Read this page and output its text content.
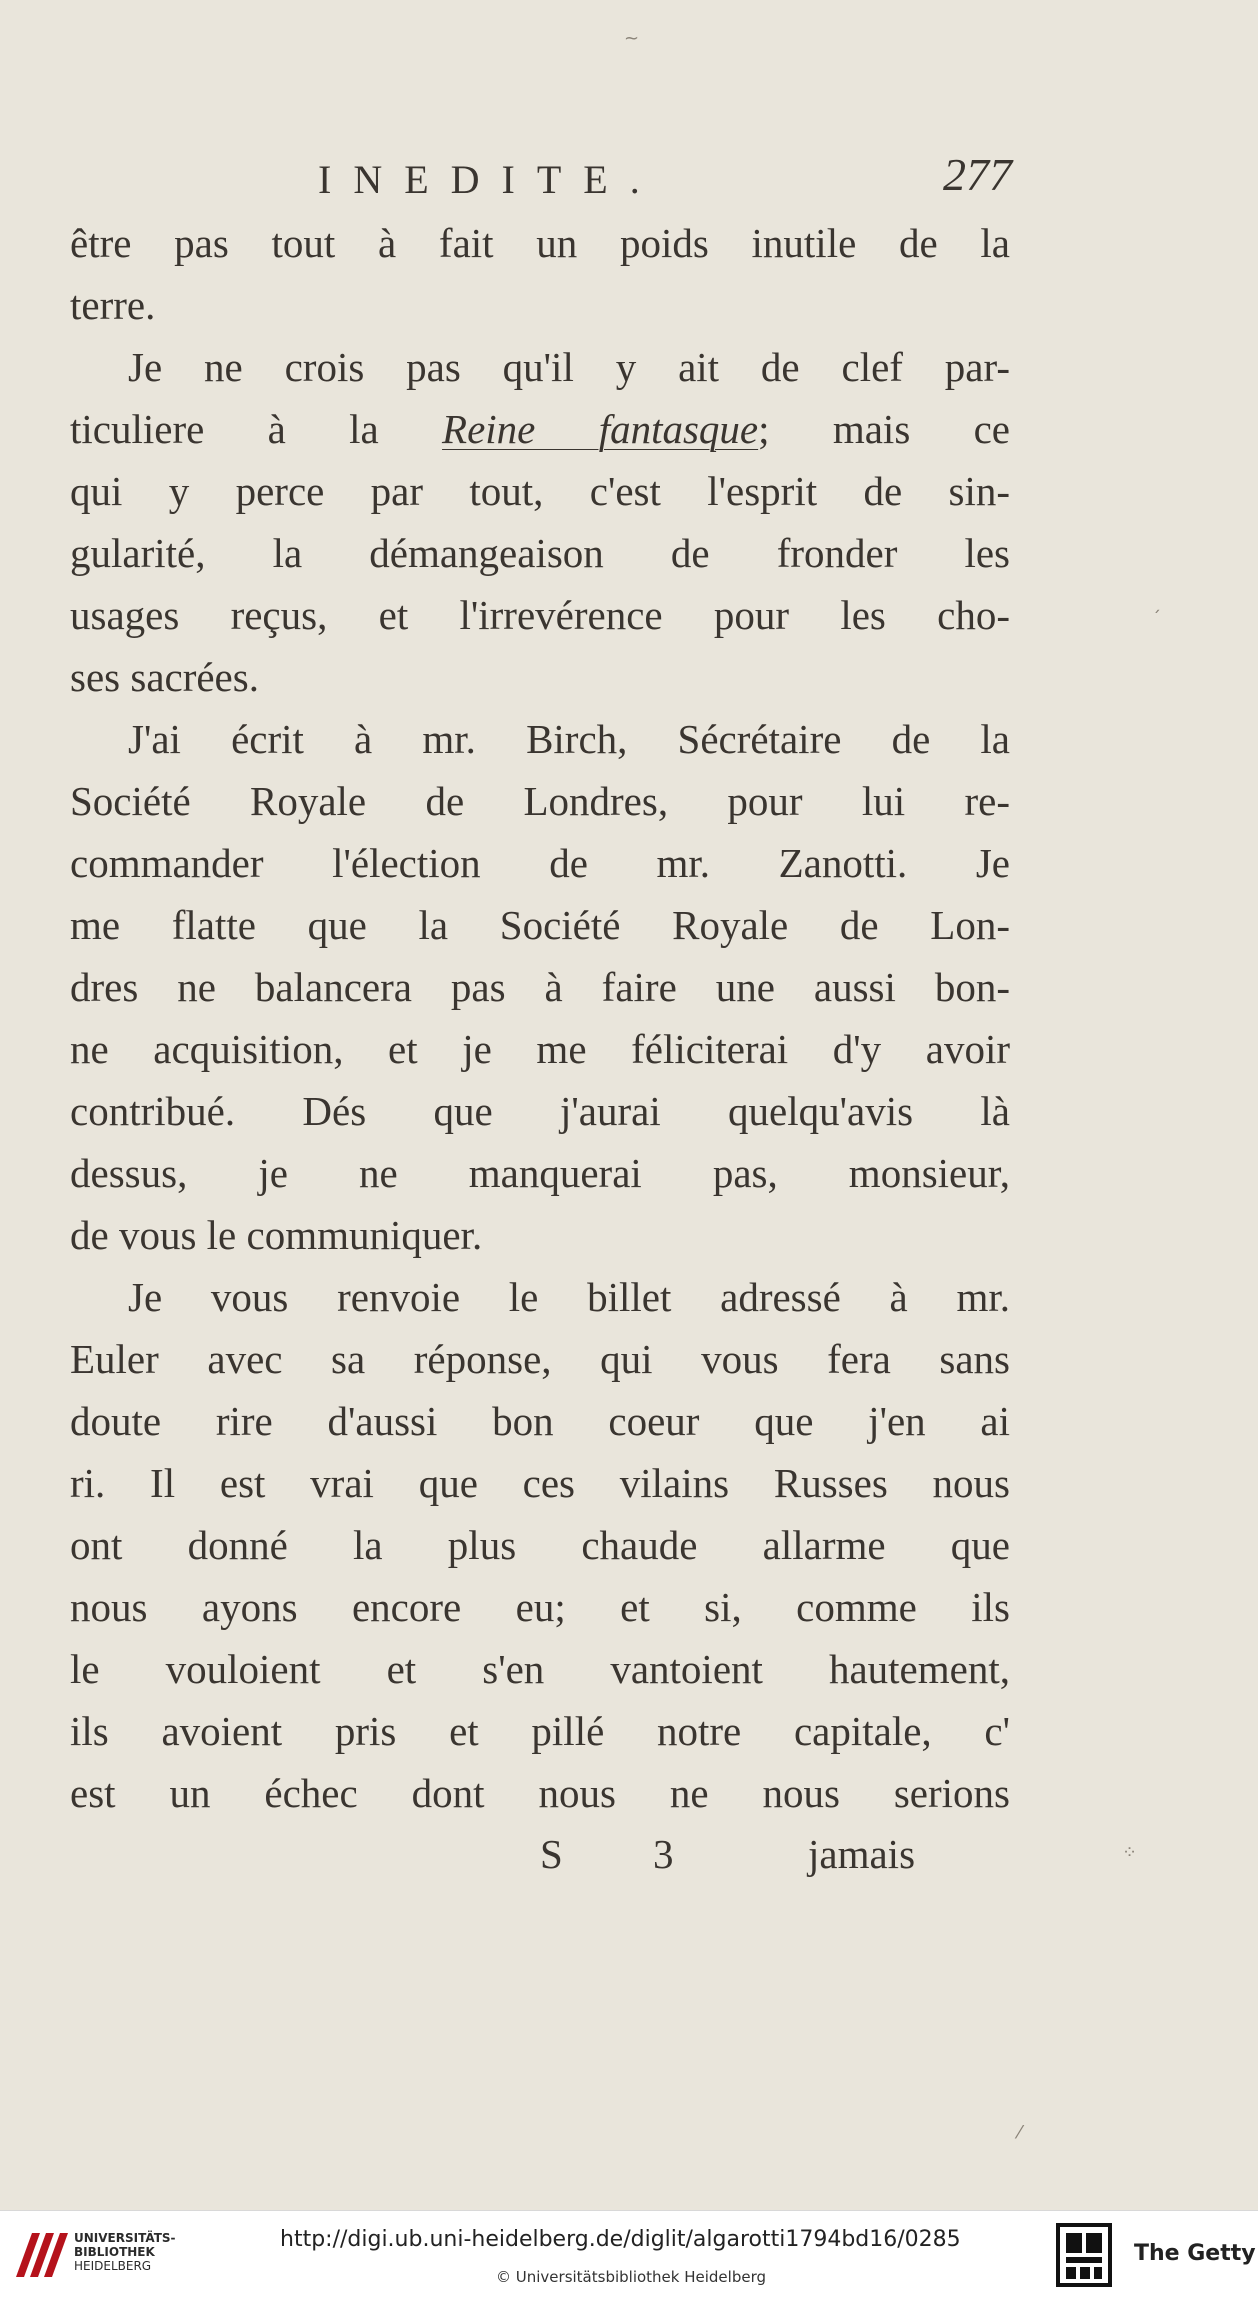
~
´
⁘
⁄
INEDITE.	277
être pas tout à fait un poids inutile de la
terre.
Je ne crois pas qu'il y ait de clef par-
ticuliere à la Reine fantasque; mais ce
qui y perce par tout, c'est l'esprit de sin-
gularité, la démangeaison de fronder les
usages reçus, et l'irrevérence pour les cho-
ses sacrées.
J'ai écrit à mr. Birch, Sécrétaire de la
Société Royale de Londres, pour lui re-
commander l'élection de mr. Zanotti. Je
me flatte que la Société Royale de Lon-
dres ne balancera pas à faire une aussi bon-
ne acquisition, et je me féliciterai d'y avoir
contribué. Dés que j'aurai quelqu'avis là
dessus, je ne manquerai pas, monsieur,
de vous le communiquer.
Je vous renvoie le billet adressé à mr.
Euler avec sa réponse, qui vous fera sans
doute rire d'aussi bon coeur que j'en ai
ri. Il est vrai que ces vilains Russes nous
ont donné la plus chaude allarme que
nous ayons encore eu; et si, comme ils
le vouloient et s'en vantoient hautement,
ils avoient pris et pillé notre capitale, c'
est un échec dont nous ne nous serions
S 3 jamais
UNIVERSITÄTS-
BIBLIOTHEK
HEIDELBERG
http://digi.ub.uni-heidelberg.de/diglit/algarotti1794bd16/0285
© Universitätsbibliothek Heidelberg
The Getty
